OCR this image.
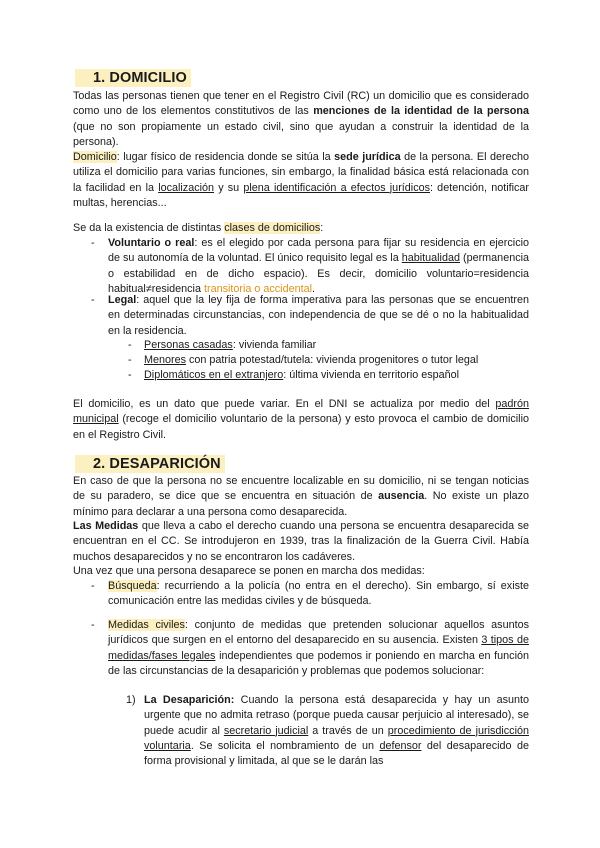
1. DOMICILIO

Todas las personas tienen que tener en el Registro Civil (RC) un domicilio que es considerado como uno de los elementos constitutivos de las menciones de la identidad de la persona (que no son propiamente un estado civil, sino que ayudan a construir la identidad de la persona).

Domicilio: lugar físico de residencia donde se sitúa la sede jurídica de la persona. El derecho utiliza el domicilio para varias funciones, sin embargo, la finalidad básica está relacionada con la facilidad en la localización y su plena identificación a efectos jurídicos: detención, notificar multas, herencias...

Se da la existencia de distintas clases de domicilios:

- Voluntario o real: es el elegido por cada persona para fijar su residencia en ejercicio de su autonomía de la voluntad. El único requisito legal es la habitualidad (permanencia o estabilidad en de dicho espacio). Es decir, domicilio voluntario=residencia habitual≠residencia transitoria o accidental.
- Legal: aquel que la ley fija de forma imperativa para las personas que se encuentren en determinadas circunstancias, con independencia de que se dé o no la habitualidad en la residencia.
- Personas casadas: vivienda familiar
- Menores con patria potestad/tutela: vivienda progenitores o tutor legal
- Diplomáticos en el extranjero: última vivienda en territorio español

El domicilio, es un dato que puede variar. En el DNI se actualiza por medio del padrón municipal (recoge el domicilio voluntario de la persona) y esto provoca el cambio de domicilio en el Registro Civil.

2. DESAPARICIÓN

En caso de que la persona no se encuentre localizable en su domicilio, ni se tengan noticias de su paradero, se dice que se encuentra en situación de ausencia. No existe un plazo mínimo para declarar a una persona como desaparecida.

Las Medidas que lleva a cabo el derecho cuando una persona se encuentra desaparecida se encuentran en el CC. Se introdujeron en 1939, tras la finalización de la Guerra Civil. Había muchos desaparecidos y no se encontraron los cadáveres.

Una vez que una persona desaparece se ponen en marcha dos medidas:

- Búsqueda: recurriendo a la policía (no entra en el derecho). Sin embargo, sí existe comunicación entre las medidas civiles y de búsqueda.
- Medidas civiles: conjunto de medidas que pretenden solucionar aquellos asuntos jurídicos que surgen en el entorno del desaparecido en su ausencia. Existen 3 tipos de medidas/fases legales independientes que podemos ir poniendo en marcha en función de las circunstancias de la desaparición y problemas que podemos solucionar:
1) La Desaparición: Cuando la persona está desaparecida y hay un asunto urgente que no admita retraso (porque pueda causar perjuicio al interesado), se puede acudir al secretario judicial a través de un procedimiento de jurisdicción voluntaria. Se solicita el nombramiento de un defensor del desaparecido de forma provisional y limitada, al que se le darán las
